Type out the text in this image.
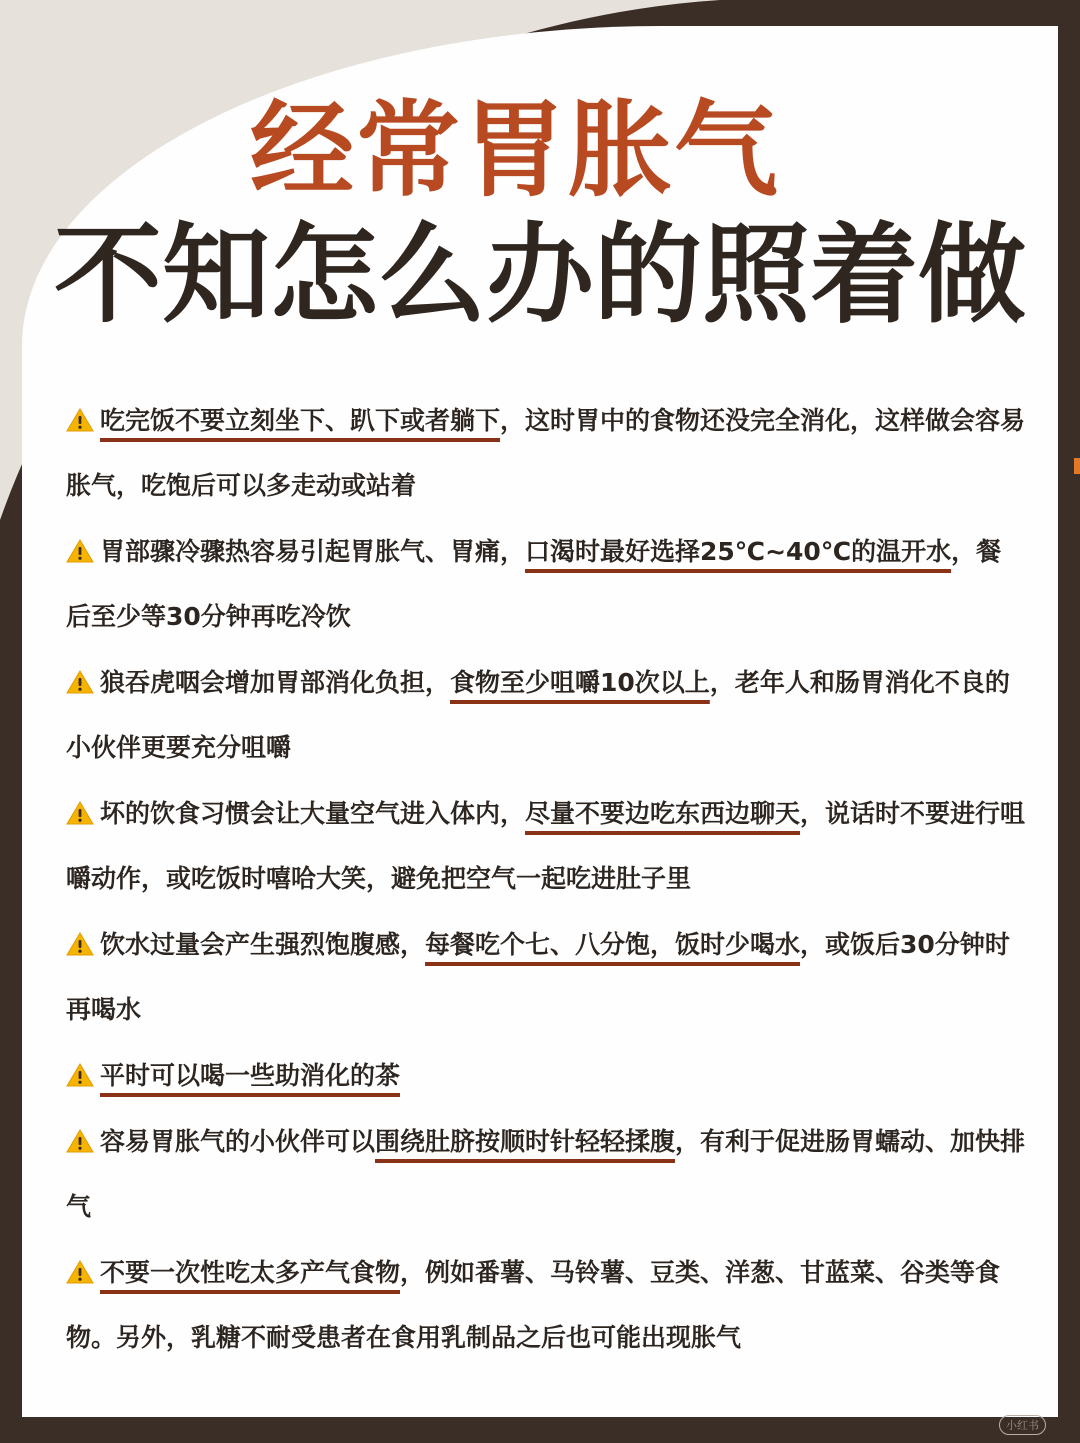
经常胃胀气
不知怎么办的照着做

吃完饭不要立刻坐下、趴下或者躺下，这时胃中的食物还没完全消化，这样做会容易胀气，吃饱后可以多走动或站着

胃部骤冷骤热容易引起胃胀气、胃痛，口渴时最好选择25℃~40℃的温开水，餐后至少等30分钟再吃冷饮

狼吞虎咽会增加胃部消化负担，食物至少咀嚼10次以上，老年人和肠胃消化不良的小伙伴更要充分咀嚼

坏的饮食习惯会让大量空气进入体内，尽量不要边吃东西边聊天，说话时不要进行咀嚼动作，或吃饭时嘻哈大笑，避免把空气一起吃进肚子里

饮水过量会产生强烈饱腹感，每餐吃个七、八分饱，饭时少喝水，或饭后30分钟时再喝水

平时可以喝一些助消化的茶

容易胃胀气的小伙伴可以围绕肚脐按顺时针轻轻揉腹，有利于促进肠胃蠕动、加快排气

不要一次性吃太多产气食物，例如番薯、马铃薯、豆类、洋葱、甘蓝菜、谷类等食物。另外，乳糖不耐受患者在食用乳制品之后也可能出现胀气

小红书
